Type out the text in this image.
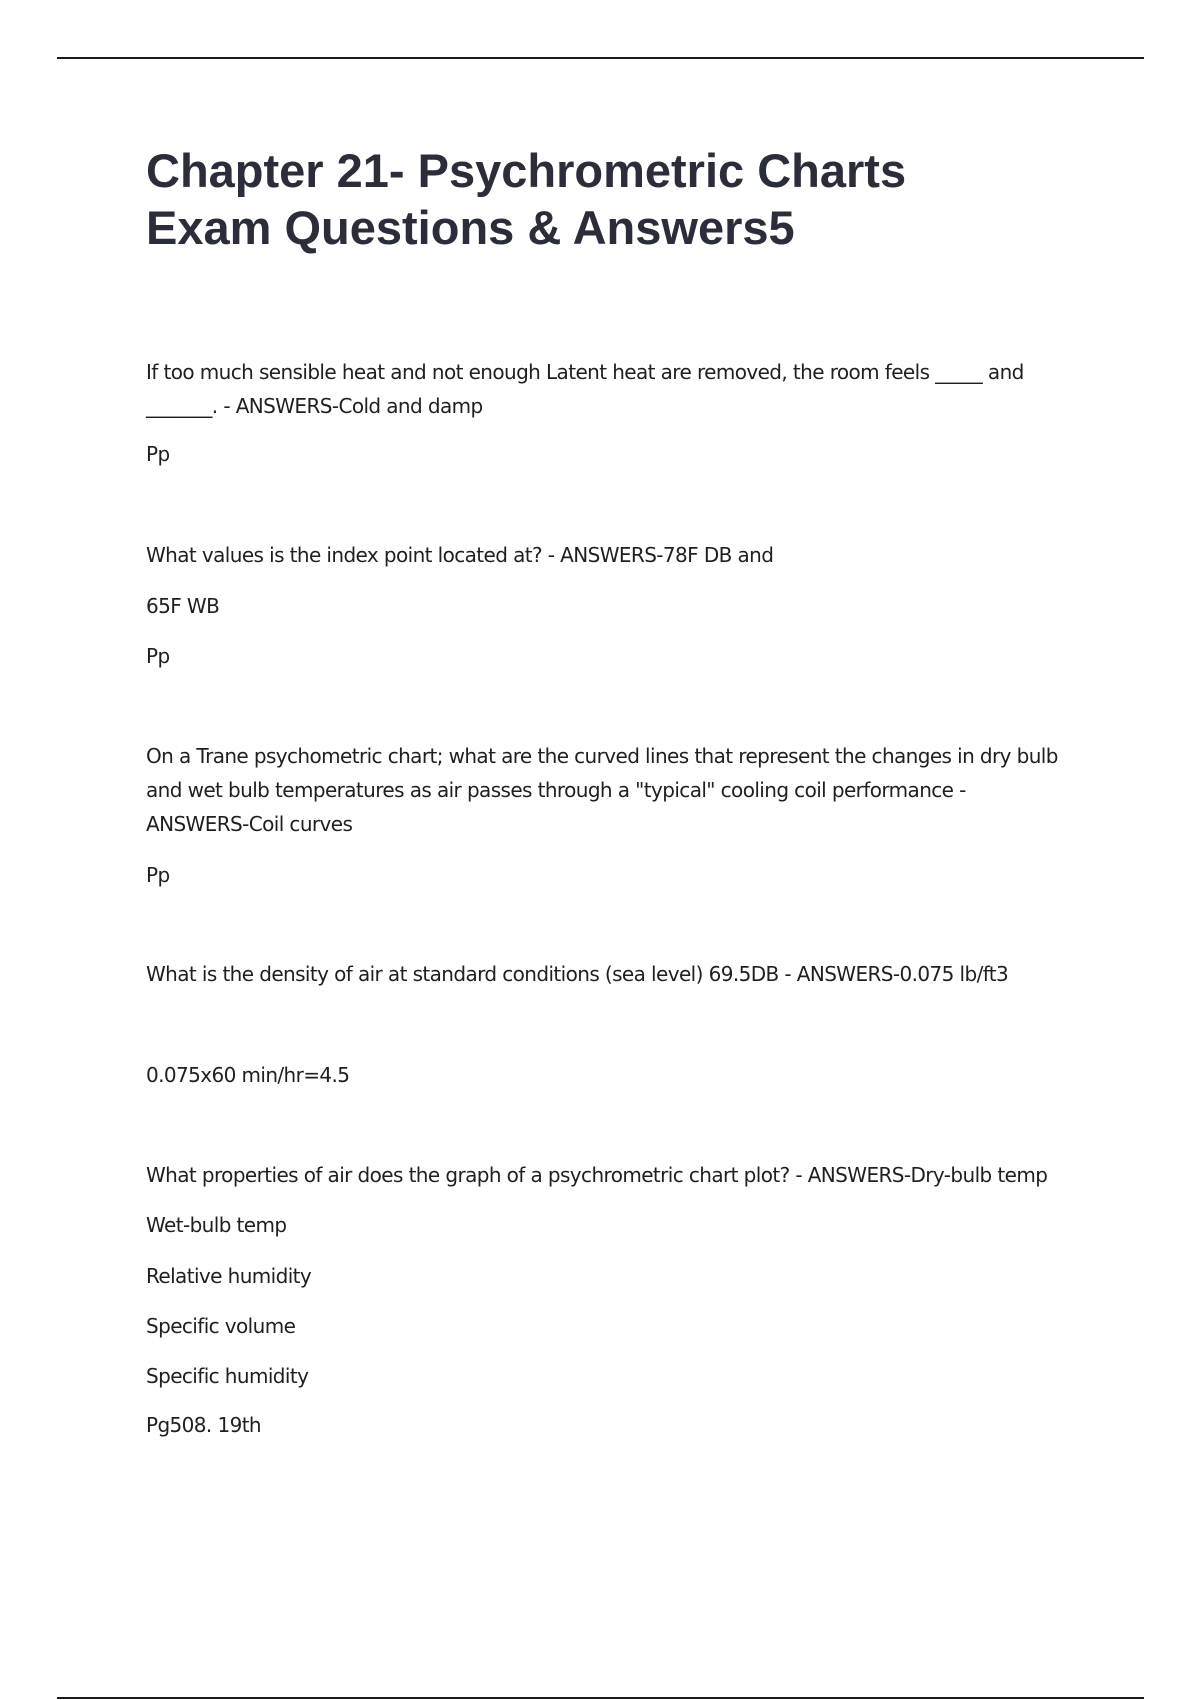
Chapter 21- Psychrometric Charts
Exam Questions & Answers5

If too much sensible heat and not enough Latent heat are removed, the room feels _____ and

_______. - ANSWERS-Cold and damp

Pp

What values is the index point located at? - ANSWERS-78F DB and

65F WB

Pp

On a Trane psychometric chart; what are the curved lines that represent the changes in dry bulb

and wet bulb temperatures as air passes through a "typical" cooling coil performance -

ANSWERS-Coil curves

Pp

What is the density of air at standard conditions (sea level) 69.5DB - ANSWERS-0.075 lb/ft3

0.075x60 min/hr=4.5

What properties of air does the graph of a psychrometric chart plot? - ANSWERS-Dry-bulb temp

Wet-bulb temp

Relative humidity

Specific volume

Specific humidity

Pg508. 19th
